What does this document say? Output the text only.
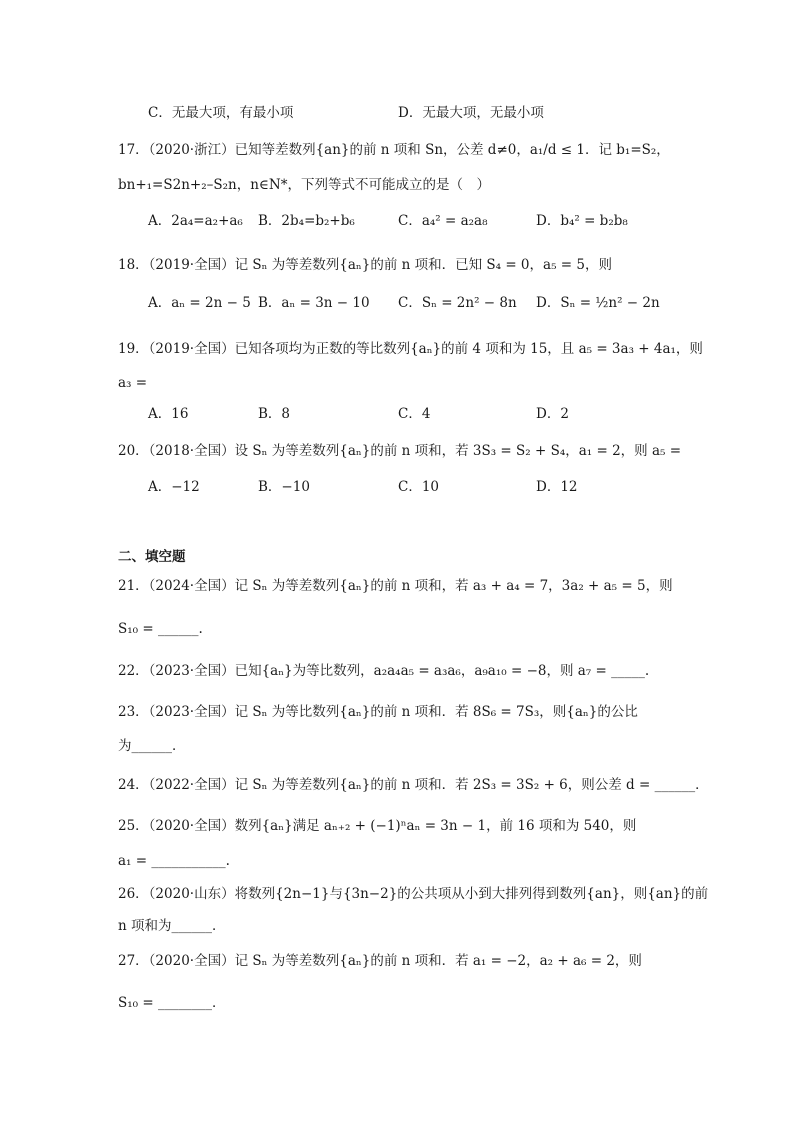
C．无最大项，有最小项	D．无最大项，无最小项
17．（2020·浙江）已知等差数列{an}的前 n 项和 Sn，公差 d≠0，a₁/d ≤ 1．记 b₁=S₂，
bn+₁=S2n+₂–S₂n，n∈N*，下列等式不可能成立的是（　）
A．2a₄=a₂+a₆ B．2b₄=b₂+b₆	C．a₄² = a₂a₈	D．b₄² = b₂b₈
18．（2019·全国）记 Sₙ 为等差数列{aₙ}的前 n 项和．已知 S₄ = 0，a₅ = 5，则
A．aₙ = 2n − 5 B．aₙ = 3n − 10 C．Sₙ = 2n² − 8n D．Sₙ = ½n² − 2n
19．（2019·全国）已知各项均为正数的等比数列{aₙ}的前 4 项和为 15，且 a₅ = 3a₃ + 4a₁，则
a₃ =
A．16	B．8	C．4	D．2
20．（2018·全国）设 Sₙ 为等差数列{aₙ}的前 n 项和，若 3S₃ = S₂ + S₄，a₁ = 2，则 a₅ =
A．−12	B．−10	C．10	D．12
二、填空题
21．（2024·全国）记 Sₙ 为等差数列{aₙ}的前 n 项和，若 a₃ + a₄ = 7，3a₂ + a₅ = 5，则
S₁₀ = ______.
22．（2023·全国）已知{aₙ}为等比数列，a₂a₄a₅ = a₃a₆，a₉a₁₀ = −8，则 a₇ = _____.
23．（2023·全国）记 Sₙ 为等比数列{aₙ}的前 n 项和．若 8S₆ = 7S₃，则{aₙ}的公比
为______．
24．（2022·全国）记 Sₙ 为等差数列{aₙ}的前 n 项和．若 2S₃ = 3S₂ + 6，则公差 d = ______．
25．（2020·全国）数列{aₙ}满足 aₙ₊₂ + (−1)ⁿaₙ = 3n − 1，前 16 项和为 540，则
a₁ = ___________.
26．（2020·山东）将数列{2n−1}与{3n−2}的公共项从小到大排列得到数列{an}，则{an}的前
n 项和为______．
27．（2020·全国）记 Sₙ 为等差数列{aₙ}的前 n 项和．若 a₁ = −2，a₂ + a₆ = 2，则
S₁₀ = ________．
